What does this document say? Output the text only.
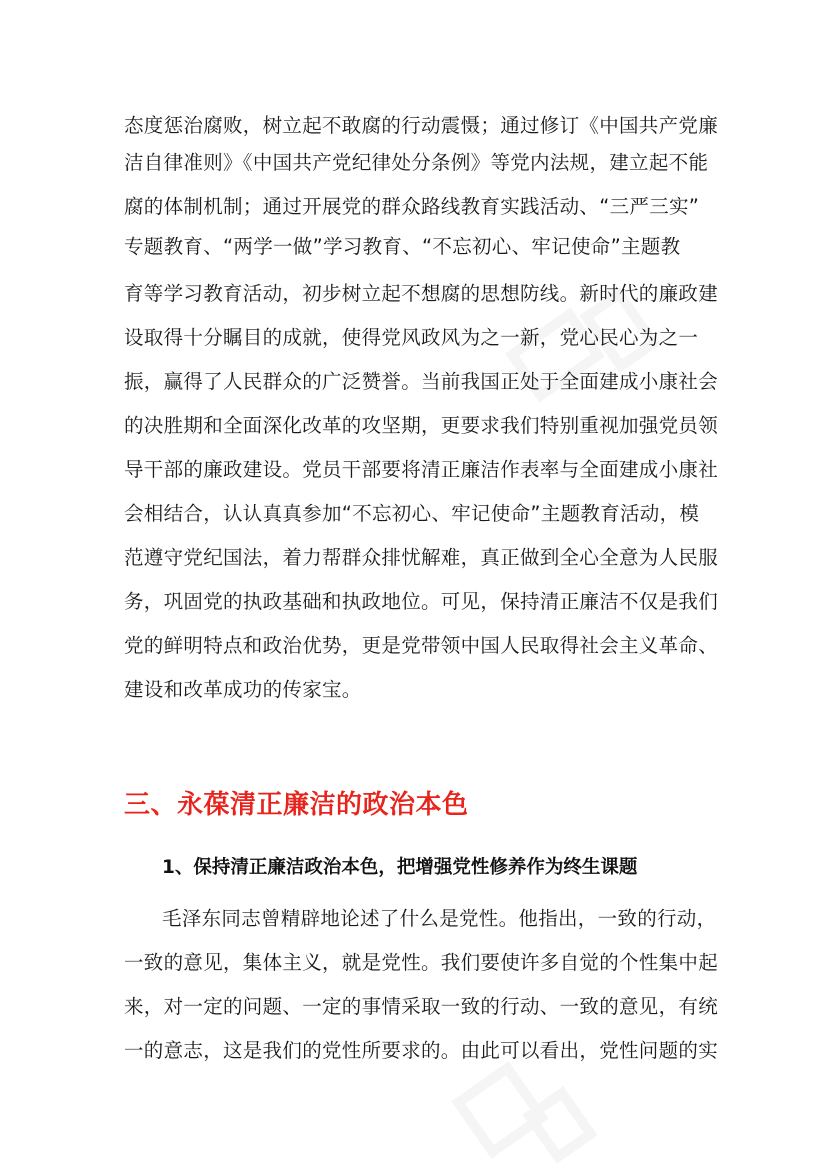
态度惩治腐败，树立起不敢腐的行动震慑；通过修订《中国共产党廉
洁自律准则》《中国共产党纪律处分条例》等党内法规，建立起不能
腐的体制机制；通过开展党的群众路线教育实践活动、“三严三实”
专题教育、“两学一做”学习教育、“不忘初心、牢记使命”主题教
育等学习教育活动，初步树立起不想腐的思想防线。新时代的廉政建
设取得十分瞩目的成就，使得党风政风为之一新，党心民心为之一
振，赢得了人民群众的广泛赞誉。当前我国正处于全面建成小康社会
的决胜期和全面深化改革的攻坚期，更要求我们特别重视加强党员领
导干部的廉政建设。党员干部要将清正廉洁作表率与全面建成小康社
会相结合，认认真真参加“不忘初心、牢记使命”主题教育活动，模
范遵守党纪国法，着力帮群众排忧解难，真正做到全心全意为人民服
务，巩固党的执政基础和执政地位。可见，保持清正廉洁不仅是我们
党的鲜明特点和政治优势，更是党带领中国人民取得社会主义革命、
建设和改革成功的传家宝。
三、永葆清正廉洁的政治本色
1、保持清正廉洁政治本色，把增强党性修养作为终生课题
毛泽东同志曾精辟地论述了什么是党性。他指出，一致的行动，
一致的意见，集体主义，就是党性。我们要使许多自觉的个性集中起
来，对一定的问题、一定的事情采取一致的行动、一致的意见，有统
一的意志，这是我们的党性所要求的。由此可以看出，党性问题的实
